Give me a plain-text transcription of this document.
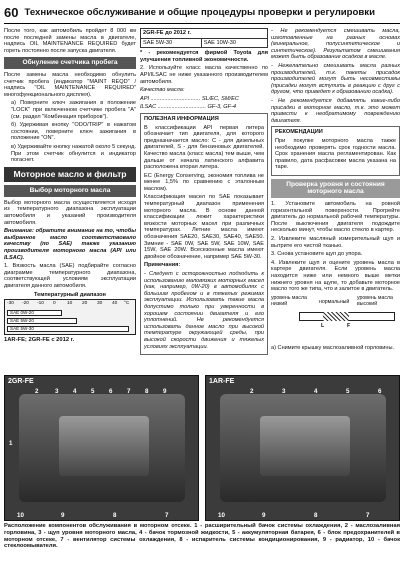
60 Техническое обслуживание и общие процедуры проверки и регулировки

После того, как автомобиль пройдет 8 000 км после последней замены масла в двигателе, надпись OIL MAINTENANCE REQUIRED будет гореть постоянно после запуска двигателя.

Обнуление счетчика пробега

После замены масла необходимо обнулить счетчик пробега (индикатор "MAINT REQD" / надпись "OIL MAINTENANCE REQUIRED" многофункционального дисплея).

а) Поверните ключ зажигания в положение "LOCK" при включенном счетчике пробега "A" (см. раздел "Комбинация приборов").

б) Удерживая кнопку "ODO/TRIP" в нажатом состоянии, поверните ключ зажигания в положение "ON".

в) Удерживайте кнопку нажатой около 5 секунд. При этом счетчик обнулится и индикатор погаснет.

Моторное масло и фильтр
Выбор моторного масла

Выбор моторного масла осуществляется исходя из температурного диапазона эксплуатации автомобиля и указаний производителя автомобиля.

Внимание: обратите внимание на то, чтобы выбранное масло соответствовало качеству (по SAE) также указанию производителя моторного масла (API или ILSAC).

1. Вязкость масла (SAE) подбирайте согласно диаграмме температурного диапазона, соответствующей условиям эксплуатации двигателя данного автомобиля.

Температурный диапазон
-30 -20 -10 0 10 20 30 40 °C
SAE 0W-20
SAE 5W-20
SAE 5W-30
1AR-FE; 2GR-FE с 2012 г.
2GR-FE до 2012 г.
SAE 5W-30	SAE 10W-30

* - рекомендуется фирмой Toyota для улучшения топливной экономичности.

2. Используйте класс масла качественно по API/ILSAC не ниже указанного производителем автомобиля.

Качество масла:

API ................................ SL/EC, SM/EC

ILSAC ............................... GF-3, GF-4

ПОЛЕЗНАЯ ИНФОРМАЦИЯ

В классификации API первая литера обозначает тип двигателя, для которого предназначается масло: С - для дизельных двигателей, S - для бензиновых двигателей. Качество масла (класс масла) тем выше, чем дальше от начала латинского алфавита расположена вторая литера.

ЕС (Energy Conserving, экономия топлива не менее 1,5% по сравнению с эталонным маслом).

Классификация масел по SAE показывает температурный диапазон применения моторного масла. В основе данной классификации лежит характеристики вязкости моторных масел при различных температурах. Летние масла имеют обозначения SAE20, SAE30, SAE40, SAE50. Зимние - SAE 0W, SAE 5W, SAE 10W, SAE 15W, SAE 20W. Всесезонные масла имеют двойное обозначение, например SAE 5W-30.

Примечания:

- Следует с осторожностью подходить к использованию маловязких моторных масел (как, например, 0W-20) в автомобилях с большим пробегом и в тяжелых режимах эксплуатации. Использовать такие масла допустимо только при уверенности в хорошем состоянии двигателя и его уплотнений. Не рекомендуется использовать данное масло при высокой температуре окружающей среды, при высокой скорости движения и тяжелых условиях эксплуатации.

- Не рекомендуется смешивать масла, изготовленные на разных основах (минеральное, полусинтетическое и синтетическое). Результатом смешивания может быть образование осадков в масле.

- Нежелательно смешивать масла разных производителей, т.к. пакеты присадок производителей могут быть несовместимы (присадки могут вступить в реакцию с друг с другом, что приведет к образованию осадка).

- Не рекомендуется добавлять какие-либо присадки в моторное масло, т.к. это может привести к необратимому повреждению двигателя.

РЕКОМЕНДАЦИИ

При покупке моторного масла также необходимо проверять срок годности масла. Срок хранения масла регламентирован. Как правило, дата расфасовки масла указана на таре.

Проверка уровня и состояния моторного масла

1. Установите автомобиль на ровной горизонтальной поверхности. Прогрейте двигатель до нормальной рабочей температуры. После выключения двигателя подождите несколько минут, чтобы масло стекло в картер.

2. Извлеките масляный измерительный щуп и вытрите его чистой тканью.

3. Снова установите щуп до упора.

4. Извлеките щуп и оцените уровень масла в картере двигателя. Если уровень масла находится ниже или немного выше метки нижнего уровня на щупе, то добавьте моторное масло того же типа, что и залитое в двигатель.

уровень масла низкий	нормальный
уровень масла высокий
L	F

а) Снимите крышку маслозаливной горловины.

2GR-FE
2	3 4 5 6 7 8 9
1
10	9	8	7
1AR-FE
2	3	4	5	6
10	9	8	7
Расположение компонентов обслуживания в моторном отсеке. 1 - расширительный бачок системы охлаждения, 2 - маслозаливная горловина, 3 - щуп уровня моторного масла, 4 - бачок тормозной жидкости, 5 - аккумуляторная батарея, 6 - блок предохранителей в моторном отсеке, 7 - вентилятор системы охлаждения, 8 - испаритель системы кондиционирования, 9 - радиатор, 10 - бачок стеклоомывателя.
